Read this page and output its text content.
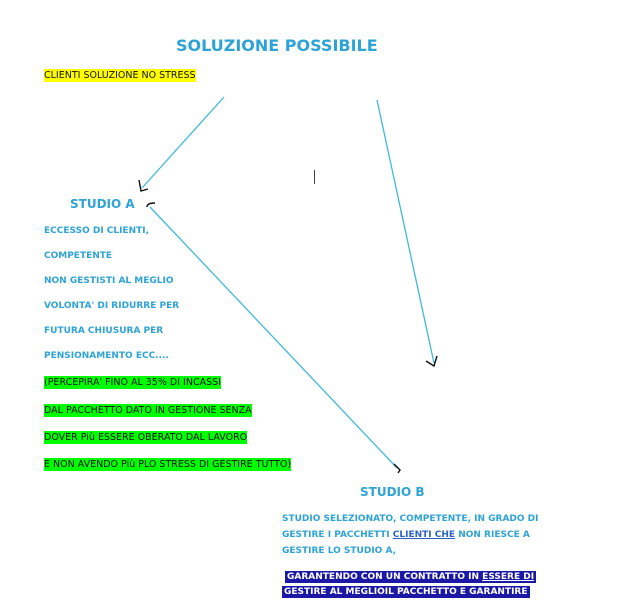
SOLUZIONE POSSIBILE
CLIENTI SOLUZIONE NO STRESS
STUDIO A
ECCESSO DI CLIENTI,
COMPETENTE
NON GESTISTI AL MEGLIO
VOLONTA' DI RIDURRE PER
FUTURA CHIUSURA PER
PENSIONAMENTO ECC....
(PERCEPIRA' FINO AL 35% DI INCASSI
DAL PACCHETTO DATO IN GESTIONE SENZA
DOVER Più ESSERE OBERATO DAL LAVORO
E NON AVENDO Più PLO STRESS DI GESTIRE TUTTO)
STUDIO B
STUDIO SELEZIONATO, COMPETENTE, IN GRADO DI
GESTIRE I PACCHETTI CLIENTI CHE NON RIESCE A
GESTIRE LO STUDIO A,
GARANTENDO CON UN CONTRATTO IN ESSERE DI
GESTIRE AL MEGLIOIL PACCHETTO E GARANTIRE
